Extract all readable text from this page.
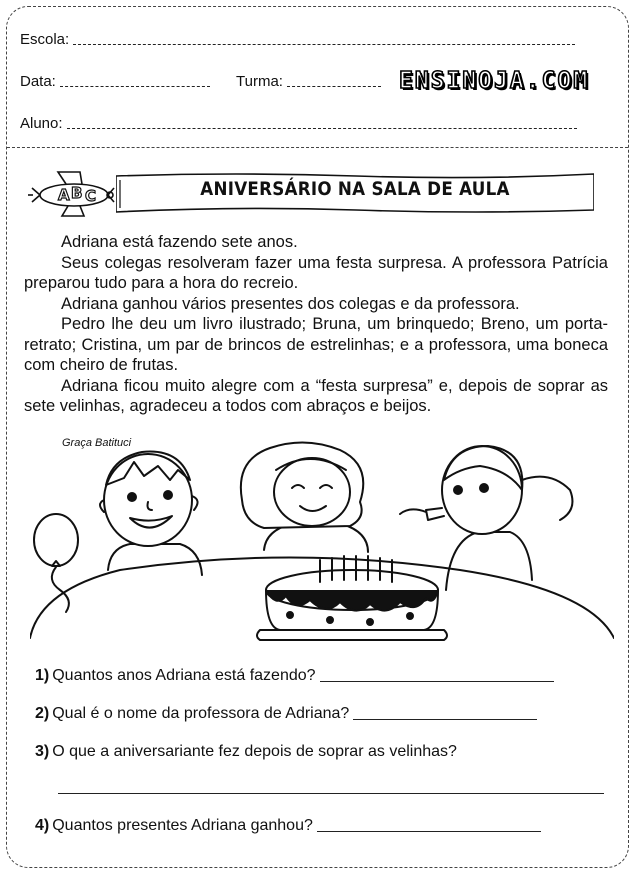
Escola:
Data:	Turma:	ENSINOJA.COM
Aluno:
A B C	ANIVERSÁRIO NA SALA DE AULA

Adriana está fazendo sete anos.

Seus colegas resolveram fazer uma festa surpresa. A professora Patrícia preparou tudo para a hora do recreio.

Adriana ganhou vários presentes dos colegas e da professora.

Pedro lhe deu um livro ilustrado; Bruna, um brinquedo; Breno, um porta-retrato; Cristina, um par de brincos de estrelinhas; e a professora, uma boneca com cheiro de frutas.

Adriana ficou muito alegre com a “festa surpresa” e, depois de soprar as sete velinhas, agradeceu a todos com abraços e beijos.

Graça Batituci
1) Quantos anos Adriana está fazendo?
2) Qual é o nome da professora de Adriana?
3) O que a aniversariante fez depois de soprar as velinhas?
4) Quantos presentes Adriana ganhou?
